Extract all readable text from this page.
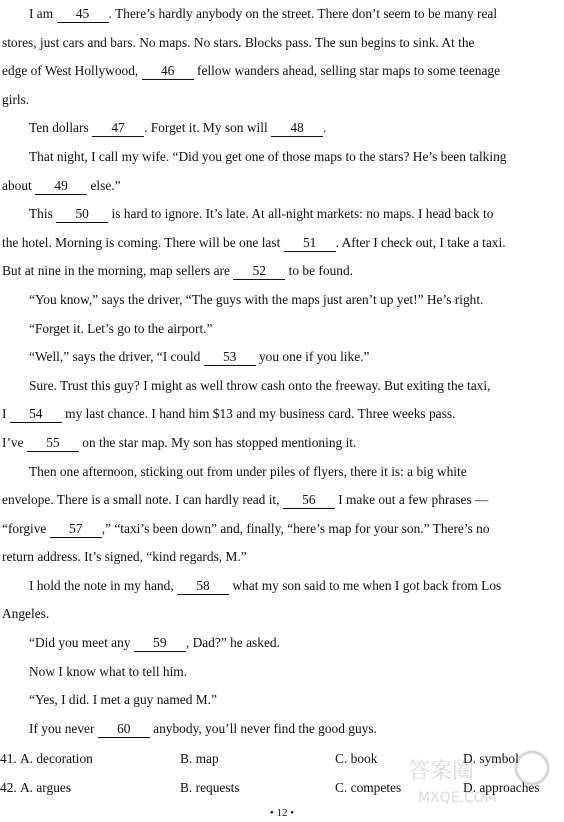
I am 45 . There’s hardly anybody on the street. There don’t seem to be many real

stores, just cars and bars. No maps. No stars. Blocks pass. The sun begins to sink. At the

edge of West Hollywood, 46 fellow wanders ahead, selling star maps to some teenage

girls.

Ten dollars 47 . Forget it. My son will 48 .

That night, I call my wife. “Did you get one of those maps to the stars? He’s been talking

about 49 else.”

This 50 is hard to ignore. It’s late. At all-night markets: no maps. I head back to

the hotel. Morning is coming. There will be one last 51 . After I check out, I take a taxi.

But at nine in the morning, map sellers are 52 to be found.

“You know,” says the driver, “The guys with the maps just aren’t up yet!” He’s right.

“Forget it. Let’s go to the airport.”

“Well,” says the driver, “I could 53 you one if you like.”

Sure. Trust this guy? I might as well throw cash onto the freeway. But exiting the taxi,

I 54 my last chance. I hand him $13 and my business card. Three weeks pass.

I’ve 55 on the star map. My son has stopped mentioning it.

Then one afternoon, sticking out from under piles of flyers, there it is: a big white

envelope. There is a small note. I can hardly read it, 56 I make out a few phrases —

“forgive 57 ,” “taxi’s been down” and, finally, “here’s map for your son.” There’s no

return address. It’s signed, “kind regards, M.”

I hold the note in my hand, 58 what my son said to me when I got back from Los

Angeles.

“Did you meet any 59 , Dad?” he asked.

Now I know what to tell him.

“Yes, I did. I met a guy named M.”

If you never 60 anybody, you’ll never find the good guys.

41. A. decoration	B. map	C. book	D. symbol
42. A. argues	B. requests	C. competes	D. approaches
• 12 •
答案圈
MXQE.COM
